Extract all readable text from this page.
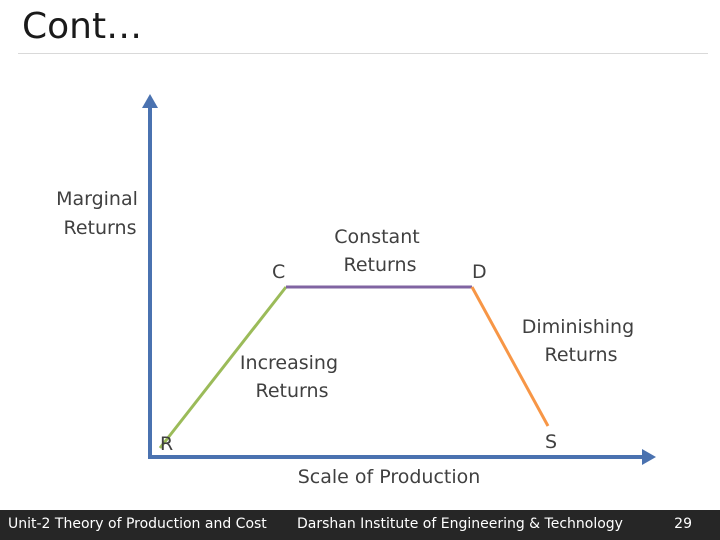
Cont…
Marginal Returns
Scale of Production
C	D
R	S
Constant Returns
Increasing Returns
Diminishing Returns
Unit-2 Theory of Production and Cost Darshan Institute of Engineering & Technology	29
